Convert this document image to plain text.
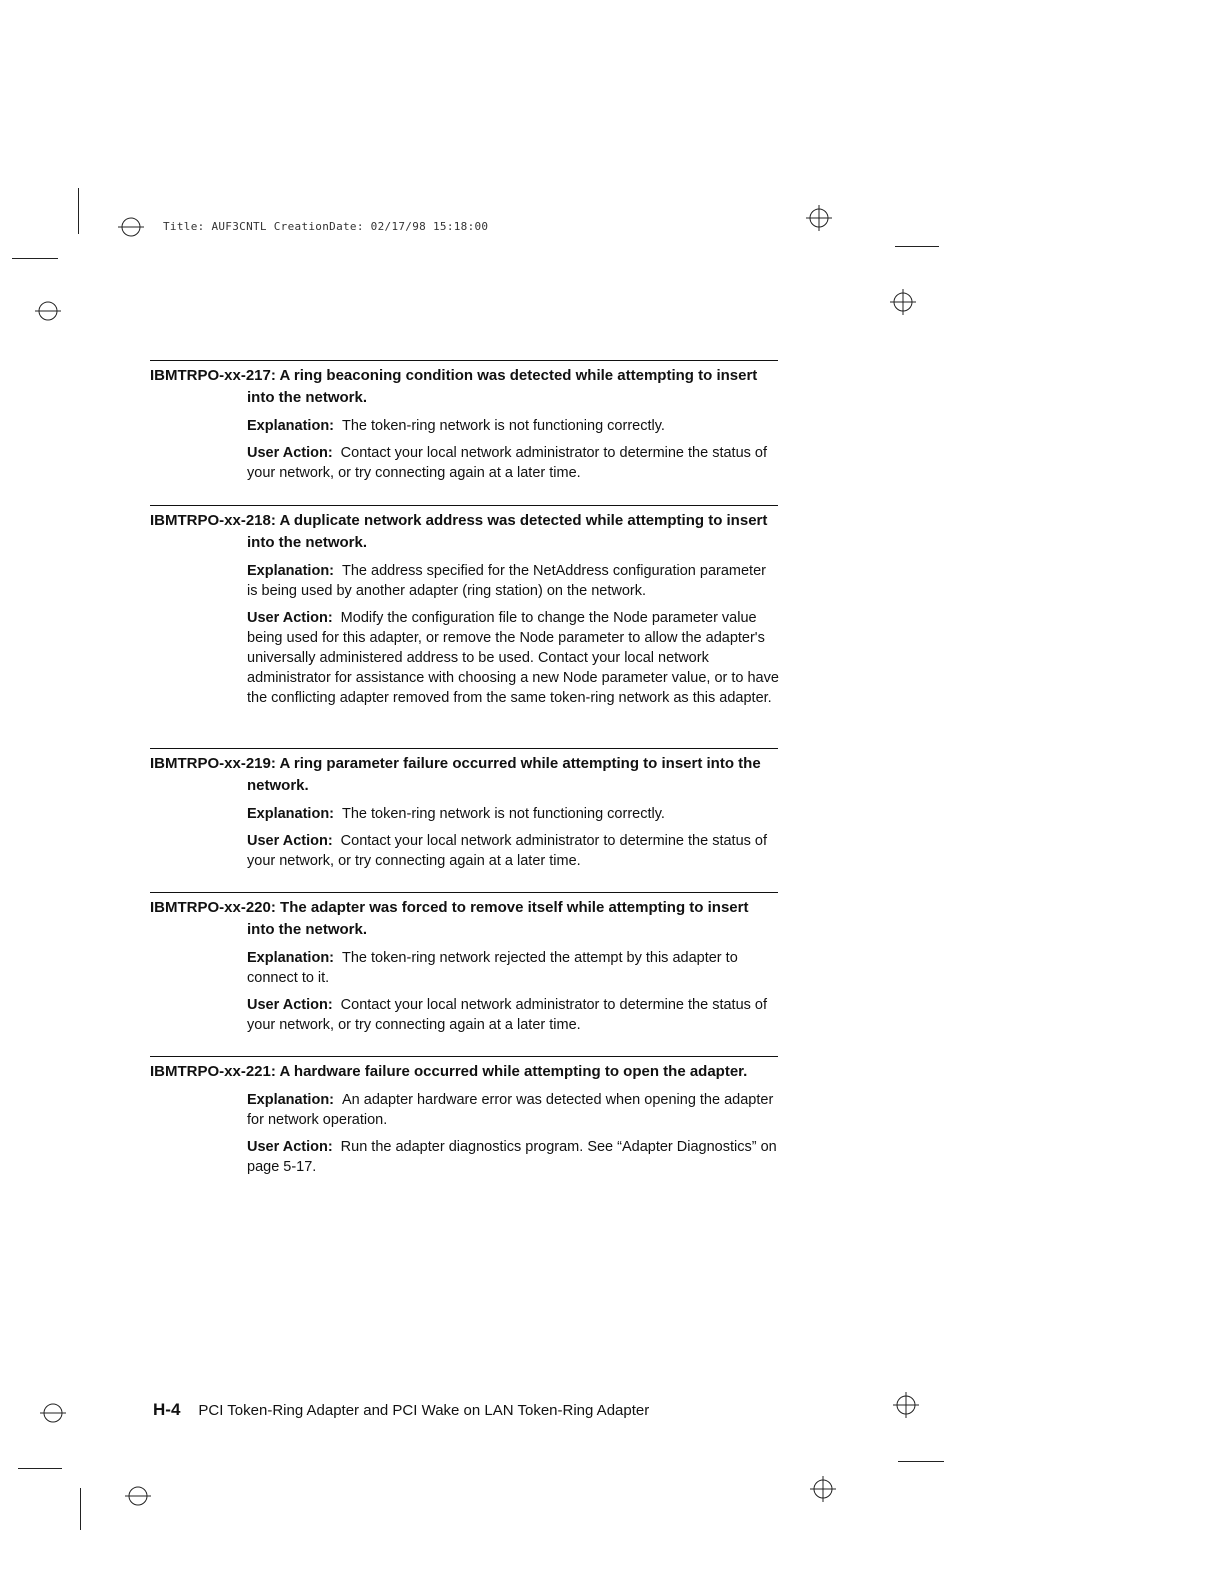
Title: AUF3CNTL CreationDate: 02/17/98 15:18:00
IBMTRPO-xx-217: A ring beaconing condition was detected while attempting to insert into the network.
Explanation: The token-ring network is not functioning correctly.
User Action: Contact your local network administrator to determine the status of your network, or try connecting again at a later time.
IBMTRPO-xx-218: A duplicate network address was detected while attempting to insert into the network.
Explanation: The address specified for the NetAddress configuration parameter is being used by another adapter (ring station) on the network.
User Action: Modify the configuration file to change the Node parameter value being used for this adapter, or remove the Node parameter to allow the adapter's universally administered address to be used. Contact your local network administrator for assistance with choosing a new Node parameter value, or to have the conflicting adapter removed from the same token-ring network as this adapter.
IBMTRPO-xx-219: A ring parameter failure occurred while attempting to insert into the network.
Explanation: The token-ring network is not functioning correctly.
User Action: Contact your local network administrator to determine the status of your network, or try connecting again at a later time.
IBMTRPO-xx-220: The adapter was forced to remove itself while attempting to insert into the network.
Explanation: The token-ring network rejected the attempt by this adapter to connect to it.
User Action: Contact your local network administrator to determine the status of your network, or try connecting again at a later time.
IBMTRPO-xx-221: A hardware failure occurred while attempting to open the adapter.
Explanation: An adapter hardware error was detected when opening the adapter for network operation.
User Action: Run the adapter diagnostics program. See “Adapter Diagnostics” on page 5-17.
H-4 PCI Token-Ring Adapter and PCI Wake on LAN Token-Ring Adapter
